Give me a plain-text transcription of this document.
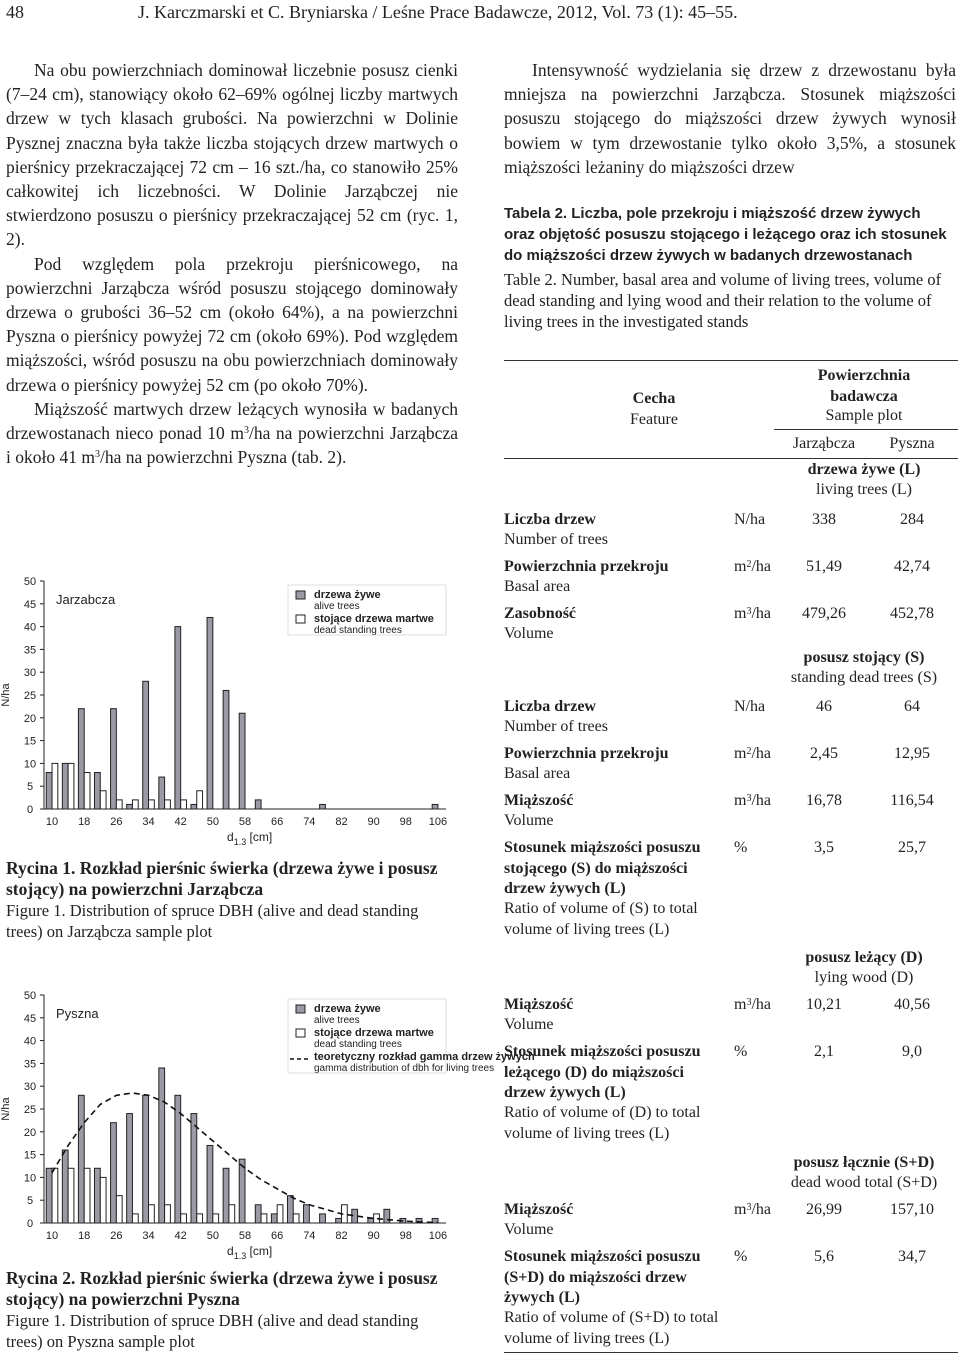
48	J. Karczmarski et C. Bryniarska / Leśne Prace Badawcze, 2012, Vol. 73 (1): 45–55.

Na obu powierzchniach dominował liczebnie posusz cienki (7–24 cm), stanowiący około 62–69% ogólnej liczby martwych drzew w tych klasach grubości. Na powierzchni w Dolinie Pysznej znaczna była także liczba stojących drzew martwych o pierśnicy przekraczającej 72 cm – 16 szt./ha, co stanowiło 25% całkowitej ich liczebności. W Dolinie Jarząbczej nie stwierdzono posuszu o pierśnicy przekraczającej 52 cm (ryc. 1, 2).

Pod względem pola przekroju pierśnicowego, na powierzchni Jarząbcza wśród posuszu stojącego dominowały drzewa o grubości 36–52 cm (około 64%), a na powierzchni Pyszna o pierśnicy powyżej 72 cm (około 69%). Pod względem miąższości, wśród posuszu na obu powierzchniach dominowały drzewa o pierśnicy powyżej 52 cm (po około 70%).

Miąższość martwych drzew leżących wynosiła w badanych drzewostanach nieco ponad 10 $m^3/ha$ na powierzchni Jarząbcza i około 41 $m^3/ha$ na powierzchni Pyszna (tab. 2).

Intensywność wydzielania się drzew z drzewostanu była mniejsza na powierzchni Jarząbcza. Stosunek miąższości posuszu stojącego do miąższości drzew żywych wynosił bowiem w tym drzewostanie tylko około 3,5%, a stosunek miąższości leżaniny do miąższości drzew

Tabela 2. Liczba, pole przekroju i miąższość drzew żywych oraz objętość posuszu stojącego i leżącego oraz ich stosunek do miąższości drzew żywych w badanych drzewostanach
Table 2. Number, basal area and volume of living trees, volume of dead standing and lying wood and their relation to the volume of living trees in the investigated stands
Cecha
Feature
Powierzchnia
badawcza
Sample plot
Jarząbcza	Pyszna
drzewa żywe (L)
living trees (L)
Liczba drzew
Number of trees
N/ha	338	284
Powierzchnia przekroju
Basal area
$m^2/ha$	51,49	42,74
Zasobność
Volume
$m^3/ha$	479,26	452,78
posusz stojący (S)
standing dead trees (S)
Liczba drzew
Number of trees
N/ha	46	64
Powierzchnia przekroju
Basal area
$m^2/ha$	2,45	12,95
Miąższość
Volume
$m^3/ha$	16,78	116,54
Stosunek miąższości posuszu stojącego (S) do miąższości drzew żywych (L)
Ratio of volume of (S) to total volume of living trees (L)
%	3,5	25,7
posusz leżący (D)
lying wood (D)
Miąższość
Volume
$m^3/ha$	10,21	40,56
Stosunek miąższości posuszu leżącego (D) do miąższości drzew żywych (L)
Ratio of volume of (D) to total volume of living trees (L)
%	2,1	9,0
posusz łącznie (S+D)
dead wood total (S+D)
Miąższość
Volume
$m^3/ha$	26,99	157,10
Stosunek miąższości posuszu (S+D) do miąższości drzew żywych (L)
Ratio of volume of (S+D) to total volume of living trees (L)
%	5,6	34,7
0
5
10
15
20
25
30
35
40
45
50
N/ha
10 18 26 34 42 50 58 66 74 82 90 98 106
$d_{1.3}$ [cm]
Jarzabcza	drzewa żywe
alive trees
stojące drzewa martwe
dead standing trees
Rycina 1. Rozkład pierśnic świerka (drzewa żywe i posusz stojący) na powierzchni Jarząbcza
Figure 1. Distribution of spruce DBH (alive and dead standing trees) on Jarząbcza sample plot
0
5
10
15
20
25
30
35
40
45
50
N/ha
10 18 26 34 42 50 58 66 74 82 90 98 106
$d_{1.3}$ [cm]
Pyszna	drzewa żywe
alive trees
stojące drzewa martwe
dead standing trees
teoretyczny rozkład gamma drzew żywych
gamma distribution of dbh for living trees
Rycina 2. Rozkład pierśnic świerka (drzewa żywe i posusz stojący) na powierzchni Pyszna
Figure 1. Distribution of spruce DBH (alive and dead standing trees) on Pyszna sample plot
